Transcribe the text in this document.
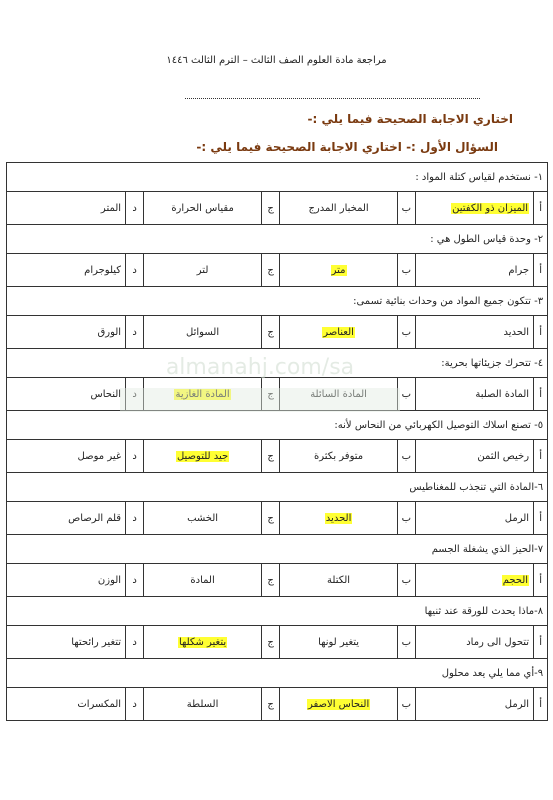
مراجعة مادة العلوم الصف الثالث – الترم الثالث ١٤٤٦
اختاري الاجابة الصحيحة فيما يلي :-
السؤال الأول :- اختاري الاجابة الصحيحة فيما يلي :-
١- نستخدم لقياس كتلة المواد :							
أ	الميزان ذو الكفتين	ب	المخبار المدرج	ج	مقياس الحرارة	د	المتر
٢- وحدة قياس الطول هي :							
أ	جرام	ب	متر	ج	لتر	د	كيلوجرام
٣- تتكون جميع المواد من وحدات بنائية تسمى:							
أ	الحديد	ب	العناصر	ج	السوائل	د	الورق
٤- تتحرك جزيئاتها بحرية:							
أ	المادة الصلبة	ب	المادة السائلة	ج	المادة الغازية	د	النحاس
٥- تصنع اسلاك التوصيل الكهربائي من النحاس لأنه:							
أ	رخيص الثمن	ب	متوفر بكثرة	ج	جيد للتوصيل	د	غير موصل
٦-المادة التي تنجذب للمغناطيس							
أ	الرمل	ب	الحديد	ج	الخشب	د	قلم الرصاص
٧-الحيز الذي يشغلة الجسم							
أ	الحجم	ب	الكتلة	ج	المادة	د	الوزن
٨-ماذا يحدث للورقة عند ثنيها							
أ	تتحول الى رماد	ب	يتغير لونها	ج	يتغير شكلها	د	تتغير رائحتها
٩-أي مما يلي يعد محلول							
أ	الرمل	ب	النحاس الاصفر	ج	السلطة	د	المكسرات
almanahj.com/sa
